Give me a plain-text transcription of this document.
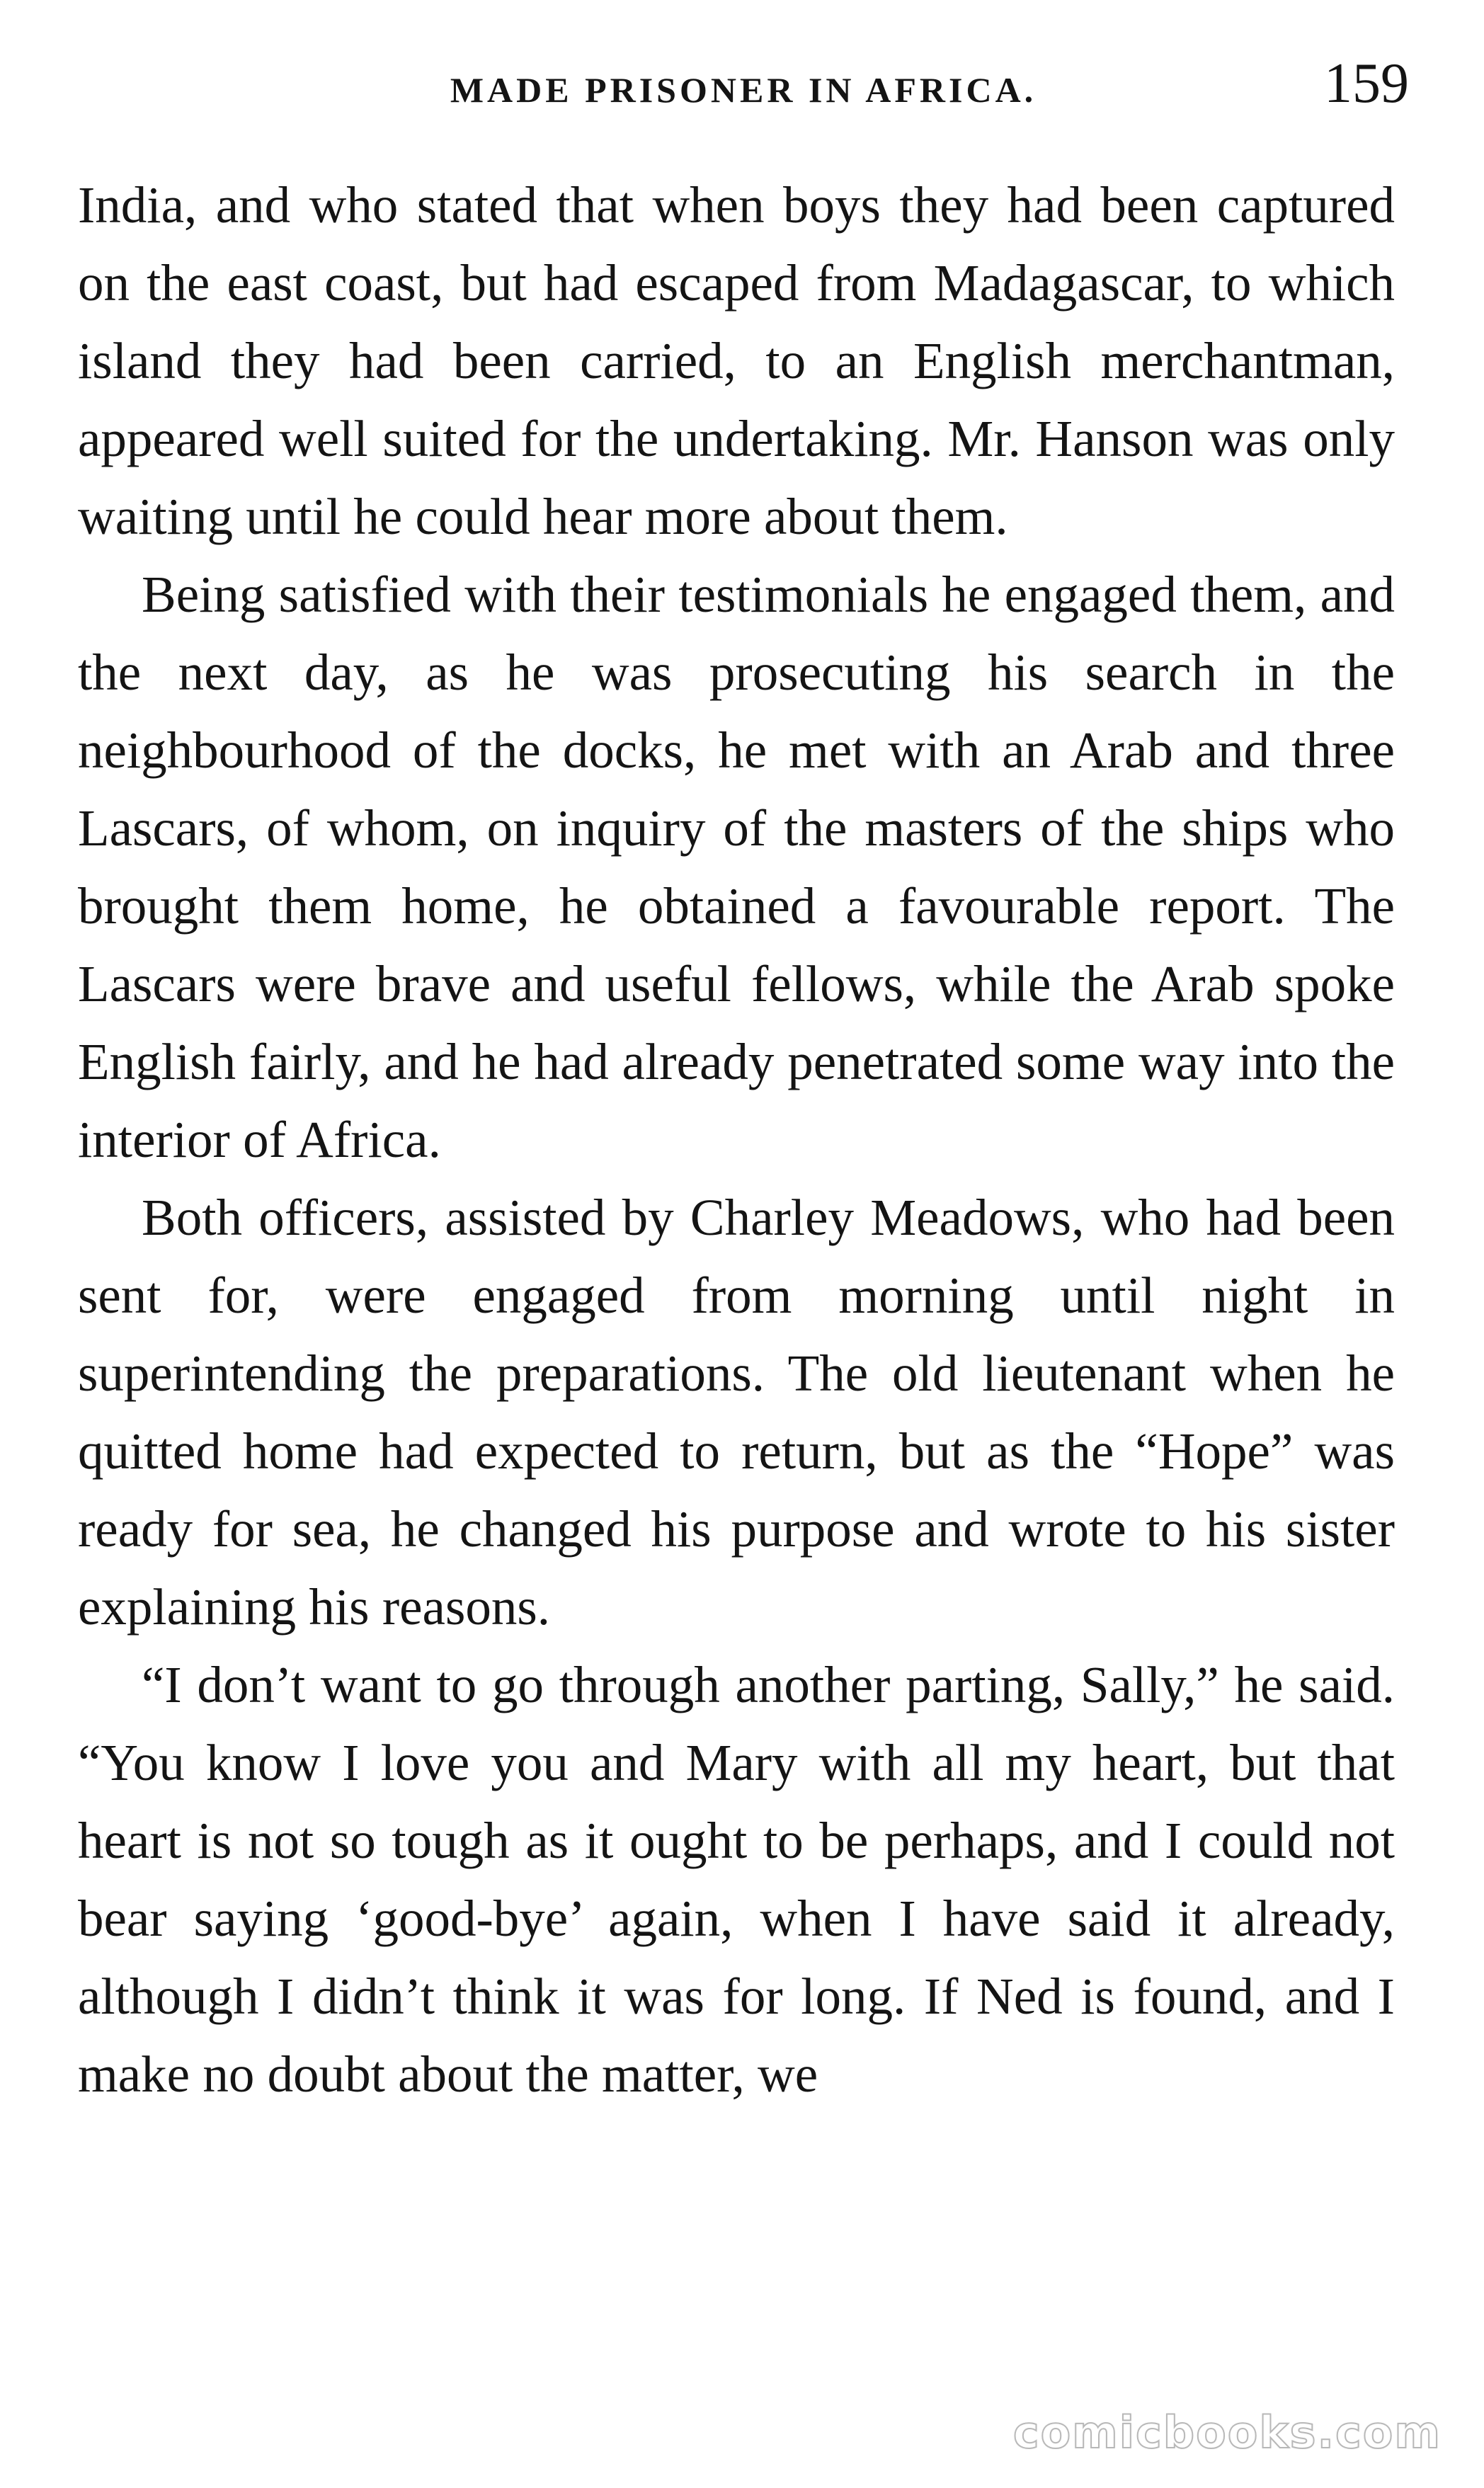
MADE PRISONER IN AFRICA.	159

India, and who stated that when boys they had been captured on the east coast, but had escaped from Madagascar, to which island they had been carried, to an English merchantman, appeared well suited for the undertaking. Mr. Hanson was only waiting until he could hear more about them.

Being satisfied with their testimonials he engaged them, and the next day, as he was prosecuting his search in the neighbourhood of the docks, he met with an Arab and three Lascars, of whom, on inquiry of the masters of the ships who brought them home, he obtained a favourable report. The Lascars were brave and useful fellows, while the Arab spoke English fairly, and he had already penetrated some way into the interior of Africa.

Both officers, assisted by Charley Meadows, who had been sent for, were engaged from morning until night in superintending the preparations. The old lieutenant when he quitted home had expected to return, but as the “Hope” was ready for sea, he changed his purpose and wrote to his sister explaining his reasons.

“I don’t want to go through another parting, Sally,” he said. “You know I love you and Mary with all my heart, but that heart is not so tough as it ought to be perhaps, and I could not bear saying ‘good-bye’ again, when I have said it already, although I didn’t think it was for long. If Ned is found, and I make no doubt about the matter, we

comicbooks.com
